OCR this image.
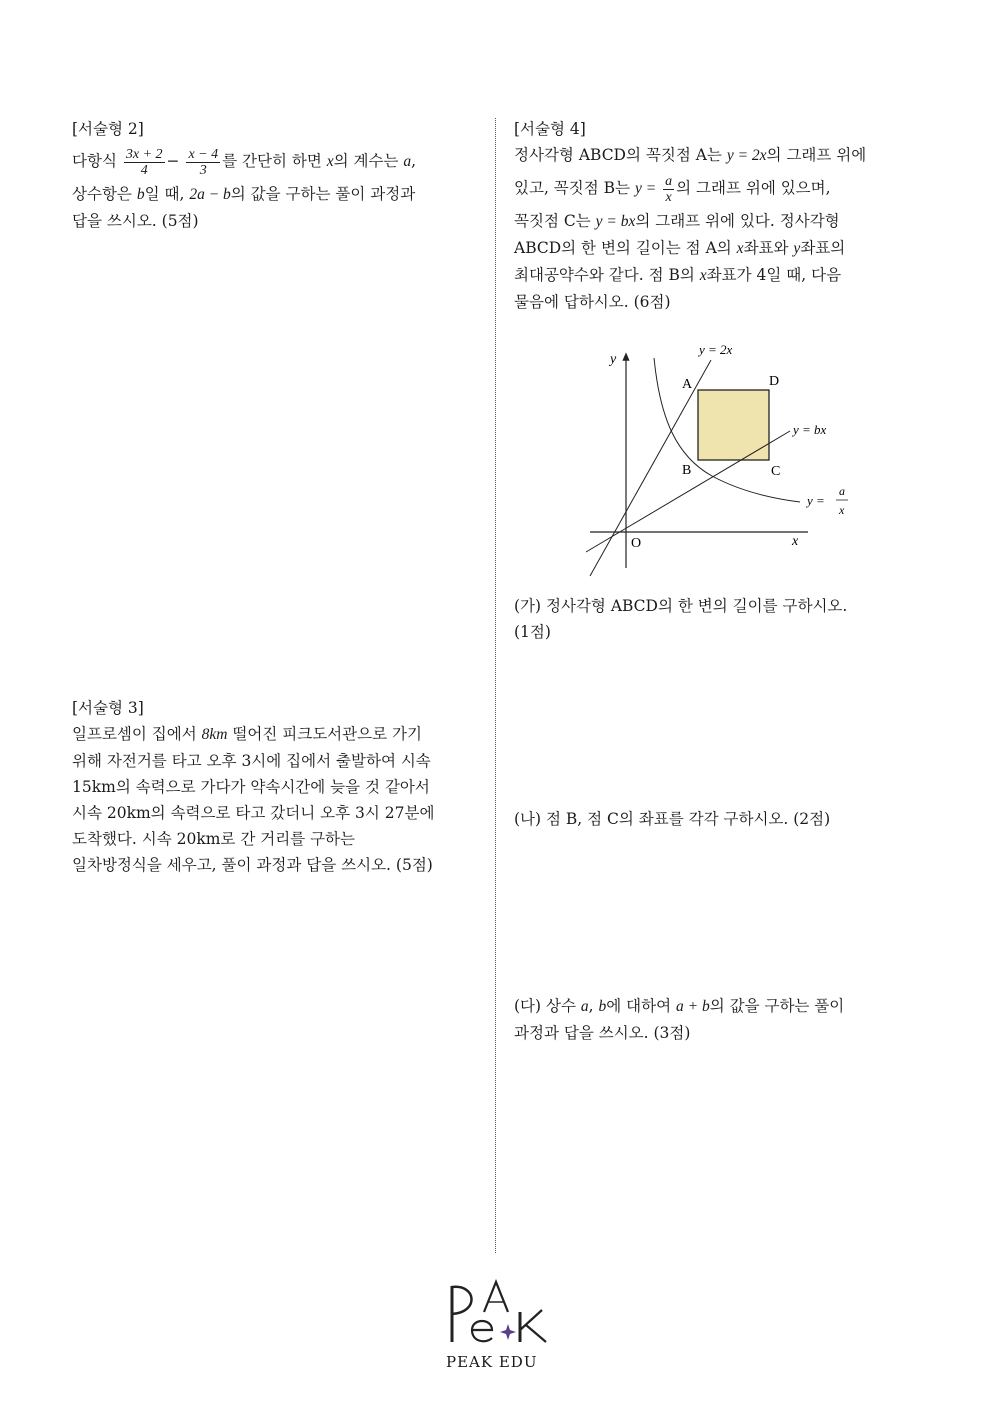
[서술형 2]
다항식 $\frac{3x + 2}{4} - \frac{x - 4}{3}$ 를 간단히 하면 x의 계수는 a,
상수항은 b일 때, 2a − b의 값을 구하는 풀이 과정과
답을 쓰시오. (5점)
[서술형 3]
일프로셈이 집에서 8km 떨어진 피크도서관으로 가기
위해 자전거를 타고 오후 3시에 집에서 출발하여 시속
15km의 속력으로 가다가 약속시간에 늦을 것 같아서
시속 20km의 속력으로 타고 갔더니 오후 3시 27분에
도착했다. 시속 20km로 간 거리를 구하는
일차방정식을 세우고, 풀이 과정과 답을 쓰시오. (5점)
[서술형 4]
정사각형 ABCD의 꼭짓점 A는 y = 2x의 그래프 위에
있고, 꼭짓점 B는 $y = \frac{a}{x}$ 의 그래프 위에 있으며,
꼭짓점 C는 y = bx의 그래프 위에 있다. 정사각형
ABCD의 한 변의 길이는 점 A의 x좌표와 y좌표의
최대공약수와 같다. 점 B의 x좌표가 4일 때, 다음
물음에 답하시오. (6점)
y
x
O
A	D
B	C
y = 2x
y = bx
y =
a
x
(가) 정사각형 ABCD의 한 변의 길이를 구하시오.
(1점)
(나) 점 B, 점 C의 좌표를 각각 구하시오. (2점)
(다) 상수 a, b에 대하여 a + b의 값을 구하는 풀이
과정과 답을 쓰시오. (3점)
PEAK EDU
